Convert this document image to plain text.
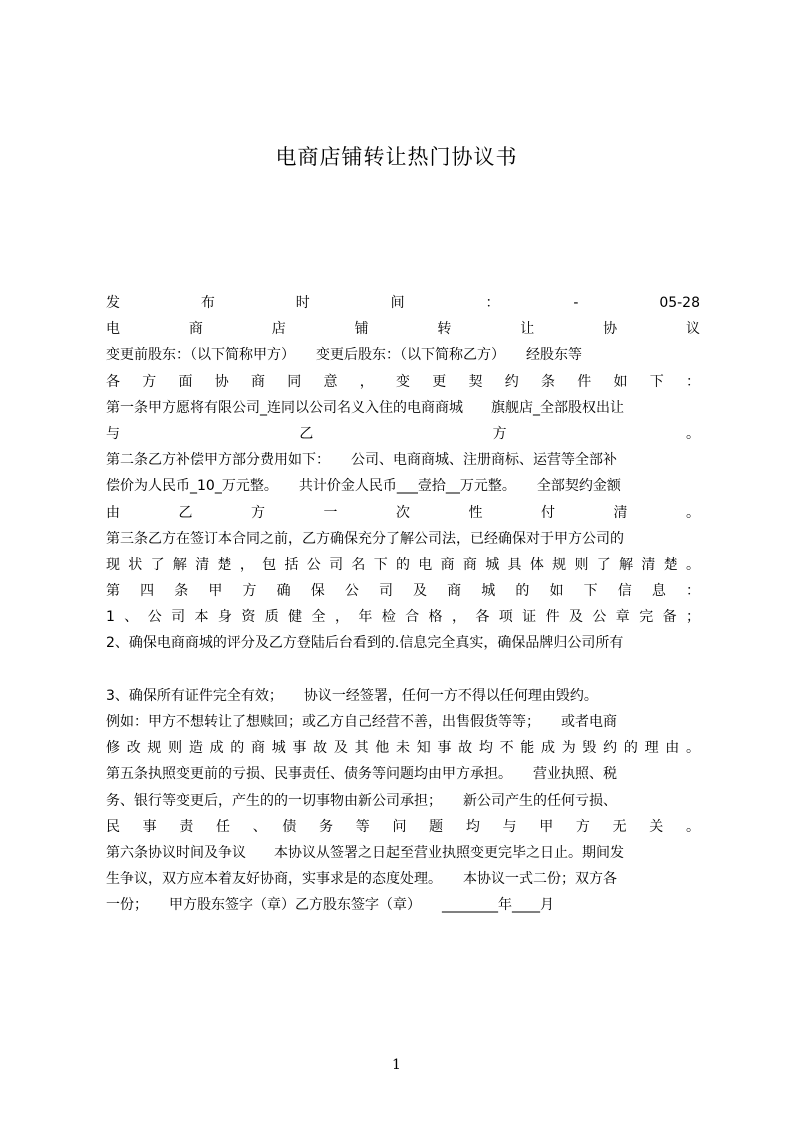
电商店铺转让热门协议书
发　布　时　间　：　-　05-28
电　商　店　铺　转　让　协　议
变更前股东：（以下简称甲方）　　变更后股东：（以下简称乙方）　　经股东等
各方面协商同意，变更契约条件如下：
第一条甲方愿将有限公司_连同以公司名义入住的电商商城　　旗舰店_全部股权出让
与　乙　方　。
第二条乙方补偿甲方部分费用如下：　　公司、电商商城、注册商标、运营等全部补
偿价为人民币_10_万元整。　　共计价金人民币___壹拾__万元整。　　全部契约金额
由　乙　方　一　次　性　付　清　。
第三条乙方在签订本合同之前，乙方确保充分了解公司法，已经确保对于甲方公司的
现状了解清楚，包括公司名下的电商商城具体规则了解清楚。
第四条甲方确保公司及商城的如下信息：
1、公司本身资质健全，年检合格，各项证件及公章完备；
2、确保电商商城的评分及乙方登陆后台看到的.信息完全真实，确保品牌归公司所有
3、确保所有证件完全有效；　　协议一经签署，任何一方不得以任何理由毁约。
例如：甲方不想转让了想赎回；或乙方自己经营不善，出售假货等等；　　或者电商
修改规则造成的商城事故及其他未知事故均不能成为毁约的理由。
第五条执照变更前的亏损、民事责任、债务等问题均由甲方承担。　　营业执照、税
务、银行等变更后，产生的的一切事物由新公司承担；　　新公司产生的任何亏损、
民　事　责　任　、　债　务　等　问　题　均　与　甲　方　无　关　。
第六条协议时间及争议　　本协议从签署之日起至营业执照变更完毕之日止。期间发
生争议，双方应本着友好协商，实事求是的态度处理。　　本协议一式二份；双方各
一份；　　甲方股东签字（章）乙方股东签字（章）　　________年____月
1
